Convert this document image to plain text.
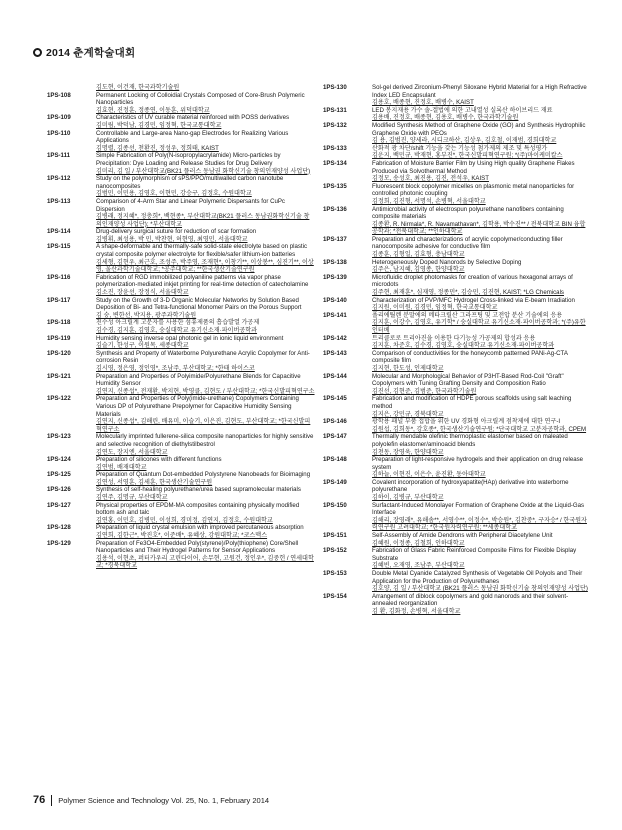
2014 춘계학술대회
김도현, 이건재, 한국과학기술원
1PS-108	Permanent Locking of Colloidial Crystals Composed of Core-Brush Polymeric Nanoparticles
김효현, 진정훈, 정종연, 이동훈, 위덕대학교
1PS-109	Characteristics of UV curable material reinforced with POSS derivatives
김미림, 박덕남, 김경민, 임정혁, 한국교통대학교
1PS-110	Controllable and Large-area Nano-gap Electrodes for Realizing Various Applications
김명렬, 김종선, 천환진, 정성우, 정희태, KAIST
1PS-111	Simple Fabrication of Poly(N-isopropylacrylamide) Micro-particles by Precipitation: Dye Loading and Release Studies for Drug Delivery
김미리, 김 일 / 부산대학교(BK21 플러스 동남권 화학신기술 창의인재양성 사업단)
1PS-112	Study on the polymorphism of sPS/PPO/multiwalled carbon nanotube nanocomposites
김범민, 이민용, 김영호, 이현민, 강승구, 김정호, 수원대학교
1PS-113	Comparison of 4-Arm Star and Linear Polymeric Dispersants for CuPc Dispersion
김병래, 정지혜*, 정충희*, 백현종*, 부산대학교(BK21 플러스 동남권화학신기술 창의인재양성 사업단); *부산대학교
1PS-114	Drug-delivery surgical suture for reduction of scar formation
김병휘, 최성용, 박 민, 박찬현, 허현영, 최영민, 서울대학교
1PS-115	A shape-deformable and thermally-safe solid-state electrolyte based on plastic crystal composite polymer electrolyte for flexible/safer lithium-ion batteries
김세형, 김현우, 최근호, 조성주, 박주영, 조재현*, 이창기**, 이상봉**, 심진기**, 이상영, 울산과학기술대학교; *공주대학교; **한국생산기술연구원
1PS-116	Fabrication of RGD immobilized polyaniline patterns via vapor phase polymerization-mediated inkjet printing for real-time detection of catecholamine
김소진, 장윤선, 장정식, 서울대학교
1PS-117	Study on the Growth of 3-D Organic Molecular Networks by Solution Based Deposition of Bi- and Tetra-functional Monomer Pairs on the Porous Support
김 숭, 변한선, 박지용, 광주과학기술원
1PS-118	친수성 아크릴계 고분자를 사용한 섬유제품의 흡습발열 가공제
김수경, 김지훈, 김영호, 숭실대학교 유기신소재·파이버공학과
1PS-119	Humidity sensing inverse opal photonic gel in ionic liquid environment
김슬기, 한성구, 이원목, 세종대학교
1PS-120	Synthesis and Property of Waterborne Polyurethane Acrylic Copolymer for Anti-corrosion Resin
김시영, 정은영, 정인영*, 조남주, 부산대학교; *한태 하이스코
1PS-121	Preparation and Properties of Polyimide/Polyurethane Blends for Capacitive Humidity Sensor
김연지, 신종섭*, 전재환, 박지현, 박영클, 김현도 / 부산대학교; *한국신발피혁연구소
1PS-122	Preparation and Properties of Poly(imide-urethane) Copolymers Containing Various DP of Polyurethane Prepolymer for Capacitive Humidity Sensing Materials
김연지, 신종섭*, 김해린, 배유미, 이슬기, 이은진, 김현도, 부산대학교; *한국신발피혁연구소
1PS-123	Molecularly imprinted fullerene-silica composite nanoparticles for highly sensitive and selective recognition of diethylstilbestrol
김연도, 장지엔, 서울대학교
1PS-124	Preparation of silicones with different functions
김연범, 배재대학교
1PS-125	Preparation of Quantum Dot-embedded Polystyrene Nanobeads for Bioimaging
김연성, 서영훈, 김세훈, 한국생산기술연구원
1PS-126	Synthesis of self-healing polyurethane/urea based supramolecular materials
김연주, 김명규, 부산대학교
1PS-127	Physical properties of EPDM-MA composites containing physically modified bottom ash and talc
김연홍, 이민호, 김병민, 이성희, 경미정, 김연지, 김정호, 수원대학교
1PS-128	Preparation of liquid crystal emulsion with improved percutaneous absorption
김연희, 김한근*, 박진호*, 이준배*, 유혜상, 강원대학교; *코스맥스
1PS-129	Preparation of Fe3O4-Embedded Poly(styrene)/Poly(thiophene) Core/Shell Nanoparticles and Their Hydrogel Patterns for Sensor Applications
김용석, 이현초, 퍼터카우리 고린다이어, 손무현, 고원건, 정인우*, 김중헌 / 연세대학교; *경북대학교
1PS-130	Sol-gel derived Zirconium-Phenyl Siloxane Hybrid Material for a High Refractive Index LED Encapsulant
김용호, 배종현, 진정호, 배병수, KAIST
1PS-131	LED 봉지재용 가수 솔-겔법에 의한 고내열성 실록산 하이브리드 재료
김용배, 진정호, 배종현, 김용호, 배병수, 한국과학기술원
1PS-132	Modified Synthesis Method of Graphene Oxide (GO) and Synthesis Hydrophilic Graphene Oxide with PEOs
김 용, 김범진, 양세라, 시디크하산, 김상우, 김호철, 이재범, 경희대학교
1PS-133	산화적 광 차단/shift 기능을 갖는 기능성 첨가제의 제조 및 특성평가
김운지, 백민규, 박재현, 홍부진*, 한국신발피혁연구원; *(주)마이케미칼스
1PS-134	Fabrication of Moisture Barrier Film by Using High quality Graphene Flakes Produced via Solvothermal Method
김정모, 송성호, 최진용, 김진, 전석우, KAIST
1PS-135	Fluorescent block copolymer micelles on plasmonic metal nanoparticles for controlled photonic coupling
김정희, 김진형, 서명석, 손병혁, 서울대학교
1PS-136	Antimicrobial activity of electrospun polyurethane nanofibers containing composite materials
김종환, R. Nirmala*, R. Navamathavan*, 김학용, 박수진** / 전북대학교 BIN 융합공학과; *전북대학교; **인하대학교
1PS-137	Preparation and characterizations of acrylic copolymer/conducting filler nanocomposite adhesive for conductive film
김종훈, 김형일, 김효형, 충남대학교
1PS-138	Heterogeneously Doped Nanorods by Selective Doping
김주은, 남지혜, 김영종, 한양대학교
1PS-139	Microfluidic droplet photomasks for creation of various hexagonal arrays of microdots
김주현, 최재훈*, 심재영, 정종민*, 김승민, 김진현, KAIST; *LG Chemicals
1PS-140	Characterization of PVP/MFC Hydrogel Cross-linked via E-beam Irradiation
김지원, 이미원, 김경민, 임정혁, 한국교통대학교
1PS-141	폴리에틸렌 분말에의 메타크릴산 그라프팅 및 고전압 분산 기술에의 응용
김지훈, 이강수, 김영호, 유기학* / 숭실대학교 유기신소재·파이버공학과; *(주)유한인터베
1PS-142	트리클로로 트리아진을 이용한 다기능성 가공제의 합성과 응용
김지훈, 차준호, 김수경, 김영호, 숭실대학교 유기신소재·파이버공학과
1PS-143	Comparison of conductivities for the honeycomb patterned PANi-Ag-CTA composite film
김지현, 한도성, 인제대학교
1PS-144	Molecular and Morphological Behavior of P3HT-Based Rod-Coil "Graft" Copolymers with Tuning Grafting Density and Composition Ratio
김진선, 김현준, 김범준, 한국과학기술원
1PS-145	Fabrication and modification of HDPE porous scaffolds using salt leaching method
김지은, 강민규, 경북대학교
1PS-146	광학용 패널 부품 접합을 위한 UV 경화형 아크릴계 점착제에 대한 연구-I
김원섭, 김희동*, 강호종*, 한국생산기술연구원; *단국대학교 고분자공학과, CPEM
1PS-147	Thermally mendable olefinic thermoplastic elastomer based on maleated polyolefin elastomer/aminoacid blends
김천동, 장영욱, 한양대학교
1PS-148	Preparation of light-responsive hydrogels and their application on drug release system
김하늘, 이현진, 이은수, 윤진환, 동아대학교
1PS-149	Covalent incorporation of hydroxyapatite(HAp) derivative into waterborne polyurethane
김하이, 김병규, 부산대학교
1PS-150	Surfactant-Induced Monolayer Formation of Graphene Oxide at the Liquid-Gas Interface
김해리, 장영래*, 유해솜**, 서영수**, 이정수*, 박승원*, 김찬중*, 구자승* / 한국원자력연구원 고려대학교; *한국원자력연구원; **세종대학교
1PS-151	Self-Assembly of Amide Dendrons with Peripheral Diacetylene Unit
김혜원, 이정종, 김철희, 인하대학교
1PS-152	Fabrication of Glass Fabric Reinforced Composite Films for Flexible Display Substrate
김혜빈, 오재영, 조남주, 부산대학교
1PS-153	Double Metal Cyanide Catalyzed Synthesis of Vegetable Oil Polyols and Their Application for the Production of Polyurethanes
김호양, 김 일 / 부산대학교 (BK21 플러스 동남권 화학신기술 창의인재양성 사업단)
1PS-154	Arrangement of diblock copolymers and gold nanorods and their solvent-annealed reorganization
김 환, 김화정, 손병혁, 서울대학교
76 Polymer Science and Technology Vol. 25, No. 1, February 2014
